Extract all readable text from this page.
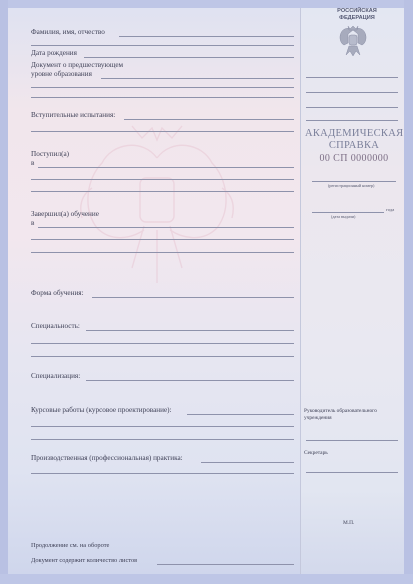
Фамилия, имя, отчество
Дата рождения
Документ о предшествующем
уровне образования
Вступительные испытания:
Поступил(а)
в
Завершил(а) обучение
в
Форма обучения:
Специальность:
Специализация:
Курсовые работы (курсовое проектирование):
Производственная (профессиональная) практика:
Продолжение см. на обороте
Документ содержит количество листов
РОССИЙСКАЯ
ФЕДЕРАЦИЯ
АКАДЕМИЧЕСКАЯ
СПРАВКА
00 СП 0000000
(регистрационный номер)
года
(дата выдачи)
Руководитель образовательного
учреждения
Секретарь
М.П.
